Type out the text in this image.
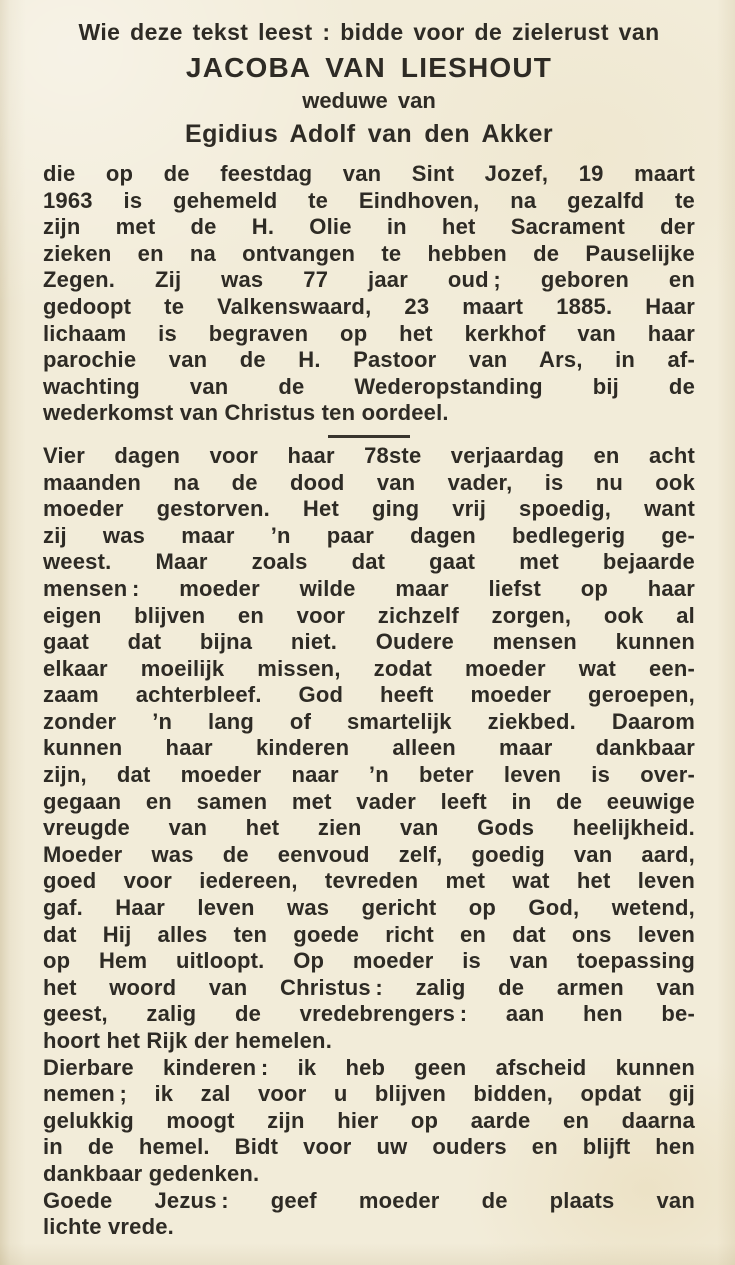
Wie deze tekst leest : bidde voor de zielerust van
JACOBA VAN LIESHOUT
weduwe van
Egidius Adolf van den Akker
die op de feestdag van Sint Jozef, 19 maart
1963 is gehemeld te Eindhoven, na gezalfd te
zijn met de H. Olie in het Sacrament der
zieken en na ontvangen te hebben de Pauselijke
Zegen. Zij was 77 jaar oud ; geboren en
gedoopt te Valkenswaard, 23 maart 1885. Haar
lichaam is begraven op het kerkhof van haar
parochie van de H. Pastoor van Ars, in af-
wachting van de Wederopstanding bij de
wederkomst van Christus ten oordeel.
Vier dagen voor haar 78ste verjaardag en acht
maanden na de dood van vader, is nu ook
moeder gestorven. Het ging vrij spoedig, want
zij was maar ’n paar dagen bedlegerig ge-
weest. Maar zoals dat gaat met bejaarde
mensen : moeder wilde maar liefst op haar
eigen blijven en voor zichzelf zorgen, ook al
gaat dat bijna niet. Oudere mensen kunnen
elkaar moeilijk missen, zodat moeder wat een-
zaam achterbleef. God heeft moeder geroepen,
zonder ’n lang of smartelijk ziekbed. Daarom
kunnen haar kinderen alleen maar dankbaar
zijn, dat moeder naar ’n beter leven is over-
gegaan en samen met vader leeft in de eeuwige
vreugde van het zien van Gods heelijkheid.
Moeder was de eenvoud zelf, goedig van aard,
goed voor iedereen, tevreden met wat het leven
gaf. Haar leven was gericht op God, wetend,
dat Hij alles ten goede richt en dat ons leven
op Hem uitloopt. Op moeder is van toepassing
het woord van Christus : zalig de armen van
geest, zalig de vredebrengers : aan hen be-
hoort het Rijk der hemelen.
Dierbare kinderen : ik heb geen afscheid kunnen
nemen ; ik zal voor u blijven bidden, opdat gij
gelukkig moogt zijn hier op aarde en daarna
in de hemel. Bidt voor uw ouders en blijft hen
dankbaar gedenken.
Goede Jezus : geef moeder de plaats van
lichte vrede.
